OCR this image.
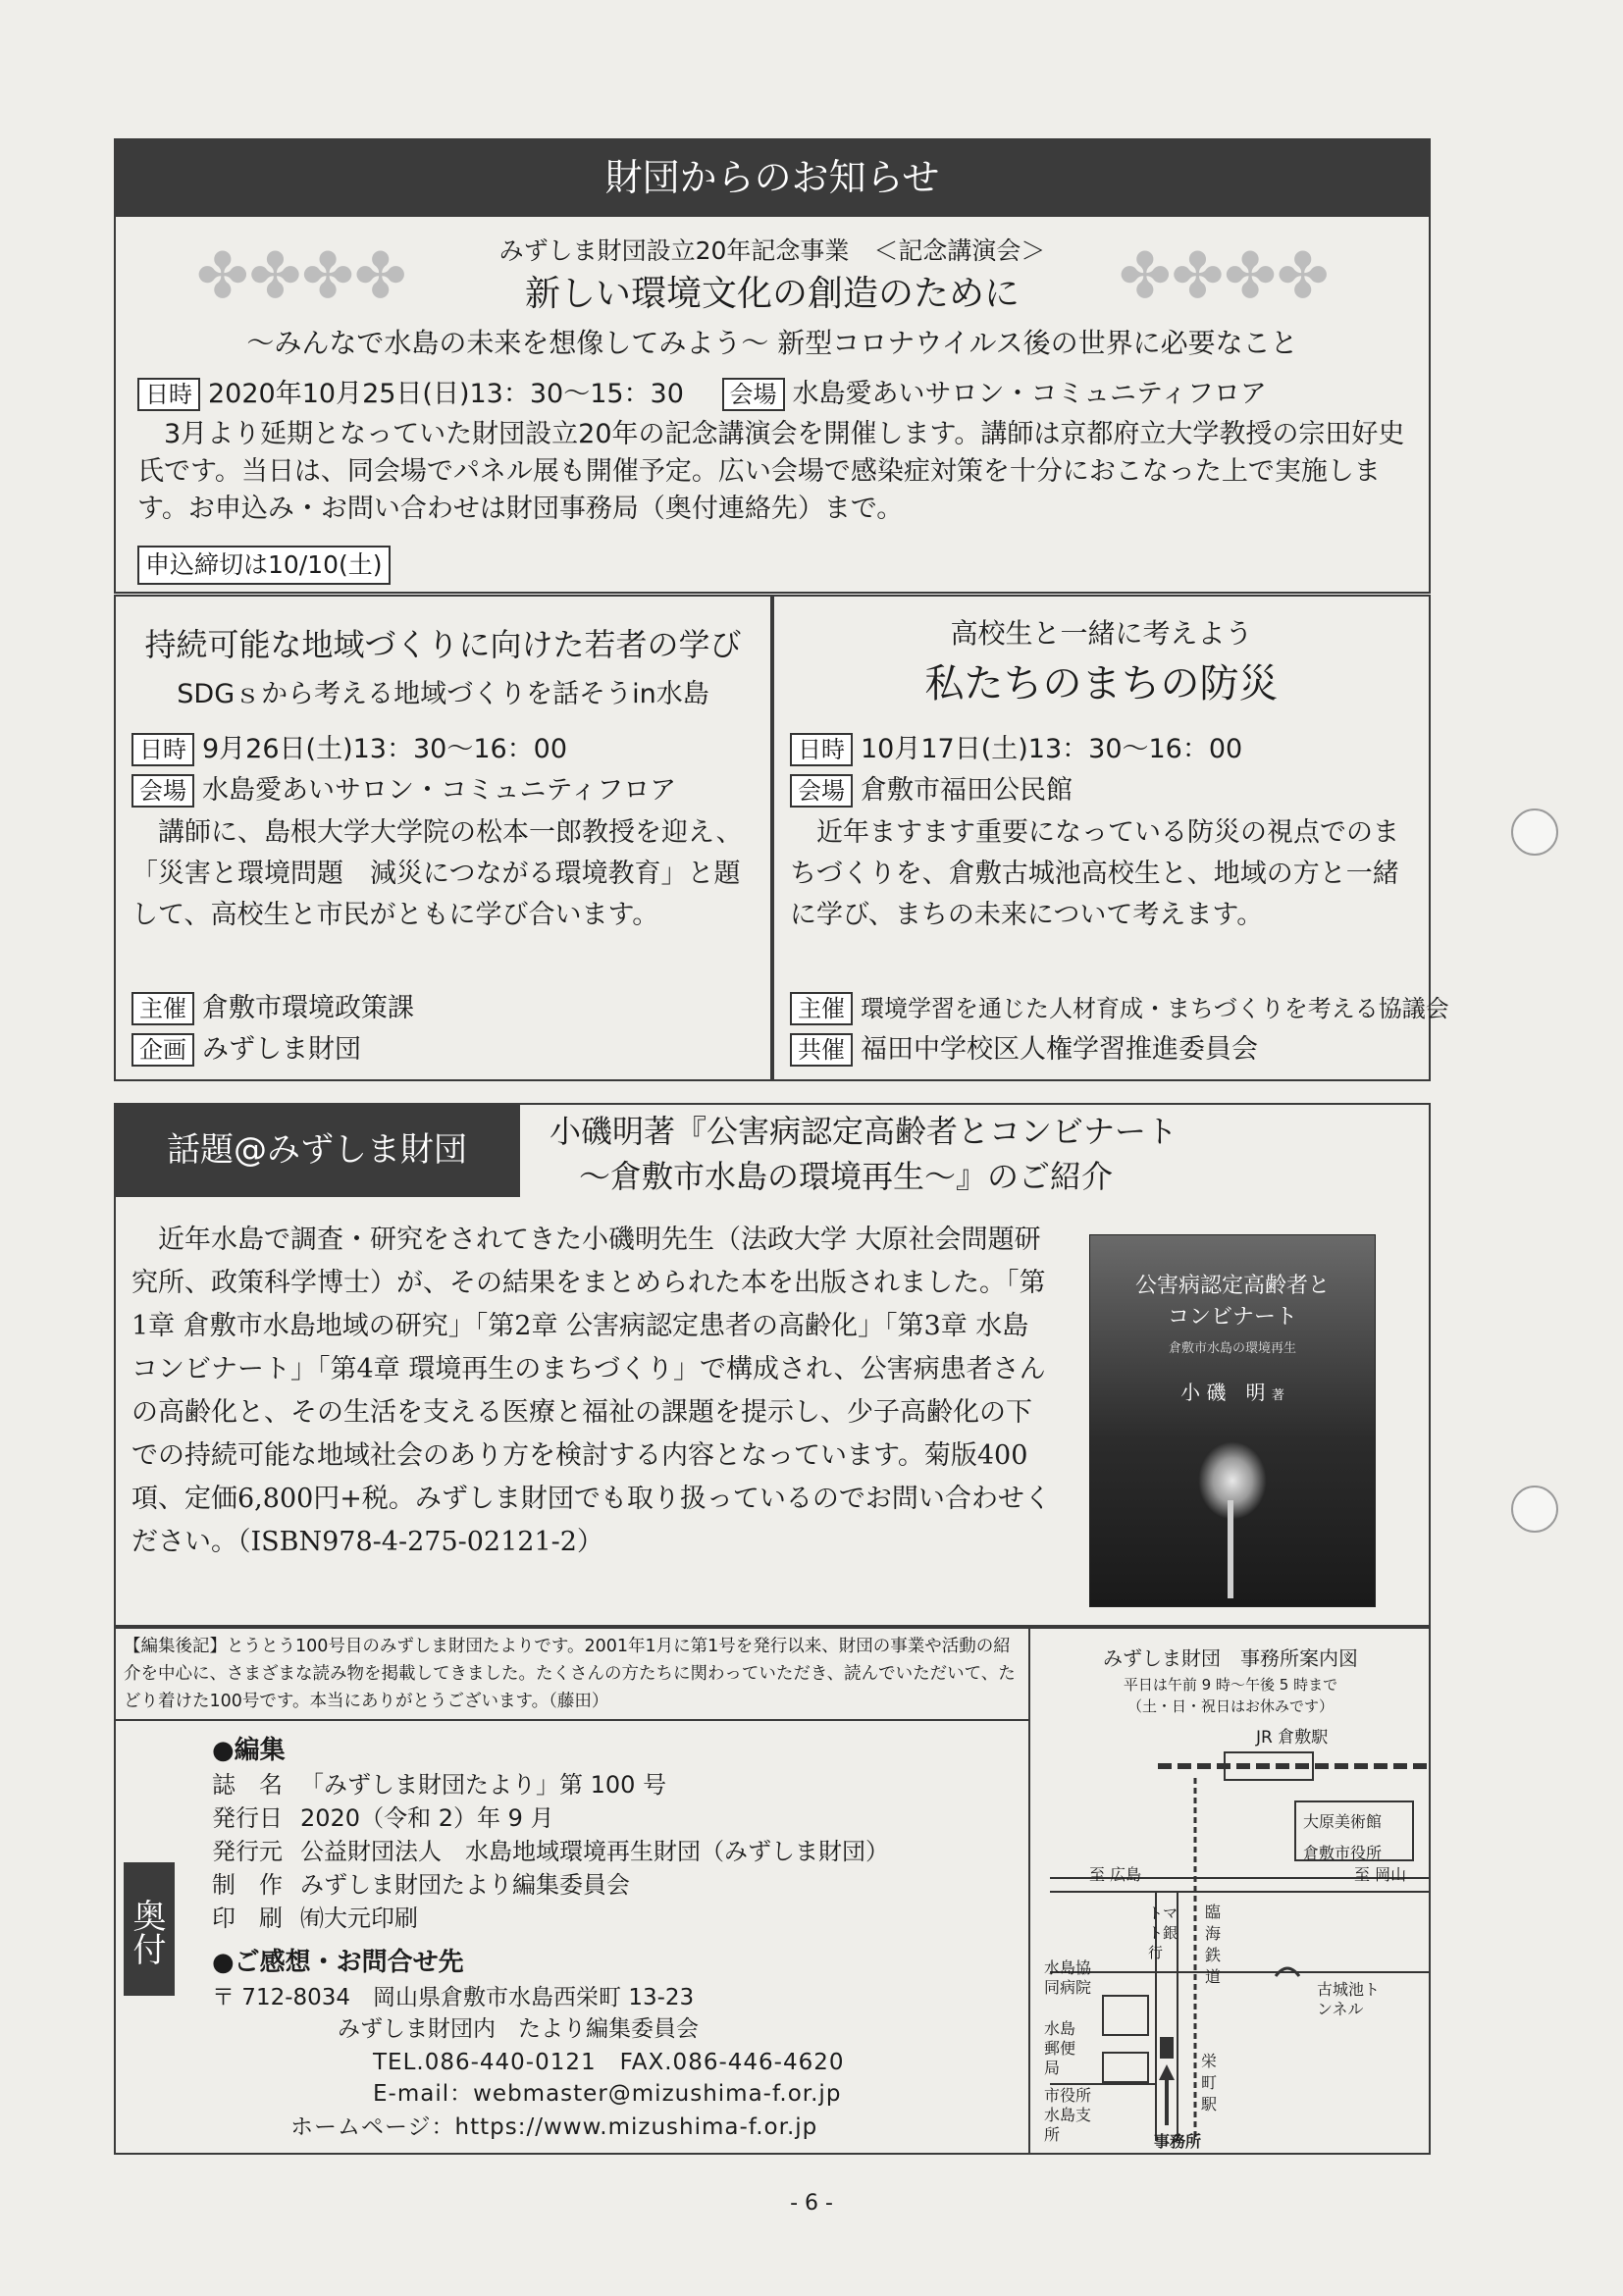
財団からのお知らせ
✤✤✤✤	✤✤✤✤
みずしま財団設立20年記念事業　＜記念講演会＞
新しい環境文化の創造のために
～みんなで水島の未来を想像してみよう～ 新型コロナウイルス後の世界に必要なこと
日時 2020年10月25日(日)13：30～15：30 会場 水島愛あいサロン・コミュニティフロア
　3月より延期となっていた財団設立20年の記念講演会を開催します。講師は京都府立大学教授の宗田好史氏です。当日は、同会場でパネル展も開催予定。広い会場で感染症対策を十分におこなった上で実施します。お申込み・お問い合わせは財団事務局（奥付連絡先）まで。
申込締切は10/10(土)
持続可能な地域づくりに向けた若者の学び
SDGｓから考える地域づくりを話そうin水島
日時 9月26日(土)13：30～16：00
会場 水島愛あいサロン・コミュニティフロア
　講師に、島根大学大学院の松本一郎教授を迎え、「災害と環境問題　減災につながる環境教育」と題して、高校生と市民がともに学び合います。
主催 倉敷市環境政策課
企画 みずしま財団
高校生と一緒に考えよう
私たちのまちの防災
日時 10月17日(土)13：30～16：00
会場 倉敷市福田公民館
　近年ますます重要になっている防災の視点でのまちづくりを、倉敷古城池高校生と、地域の方と一緒に学び、まちの未来について考えます。
主催 環境学習を通じた人材育成・まちづくりを考える協議会
共催 福田中学校区人権学習推進委員会
話題@みずしま財団	小磯明著『公害病認定高齢者とコンビナート
～倉敷市水島の環境再生～』のご紹介
　近年水島で調査・研究をされてきた小磯明先生（法政大学 大原社会問題研究所、政策科学博士）が、その結果をまとめられた本を出版されました。「第1章 倉敷市水島地域の研究」「第2章 公害病認定患者の高齢化」「第3章 水島コンビナート」「第4章 環境再生のまちづくり」で構成され、公害病患者さんの高齢化と、その生活を支える医療と福祉の課題を提示し、少子高齢化の下での持続可能な地域社会のあり方を検討する内容となっています。菊版400項、定価6,800円+税。みずしま財団でも取り扱っているのでお問い合わせください。（ISBN978-4-275-02121-2）
公害病認定高齢者と
コンビナート
倉敷市水島の環境再生
小 磯　明 著
【編集後記】とうとう100号目のみずしま財団たよりです。2001年1月に第1号を発行以来、財団の事業や活動の紹介を中心に、さまざまな読み物を掲載してきました。たくさんの方たちに関わっていただき、読んでいただいて、たどり着けた100号です。本当にありがとうございます。（藤田）
奥付
●編集
誌　名 「みずしま財団たより」第 100 号
発行日 2020（令和 2）年 9 月
発行元 公益財団法人　水島地域環境再生財団（みずしま財団）
制　作 みずしま財団たより編集委員会
印　刷 ㈲大元印刷
●ご感想・お問合せ先
〒 712-8034　岡山県倉敷市水島西栄町 13-23
みずしま財団内　たより編集委員会
TEL.086-440-0121　FAX.086-446-4620
E-mail：webmaster@mizushima-f.or.jp
ホームページ：https://www.mizushima-f.or.jp
みずしま財団　事務所案内図
平日は午前 9 時～午後 5 時まで
（土・日・祝日はお休みです）
JR 倉敷駅
大原美術館
倉敷市役所
至 広島	至 岡山
トマト銀行
臨海鉄道
水島協同病院	古城池トンネル
水島郵便局
市役所水島支所
栄町駅
事務所
- 6 -
